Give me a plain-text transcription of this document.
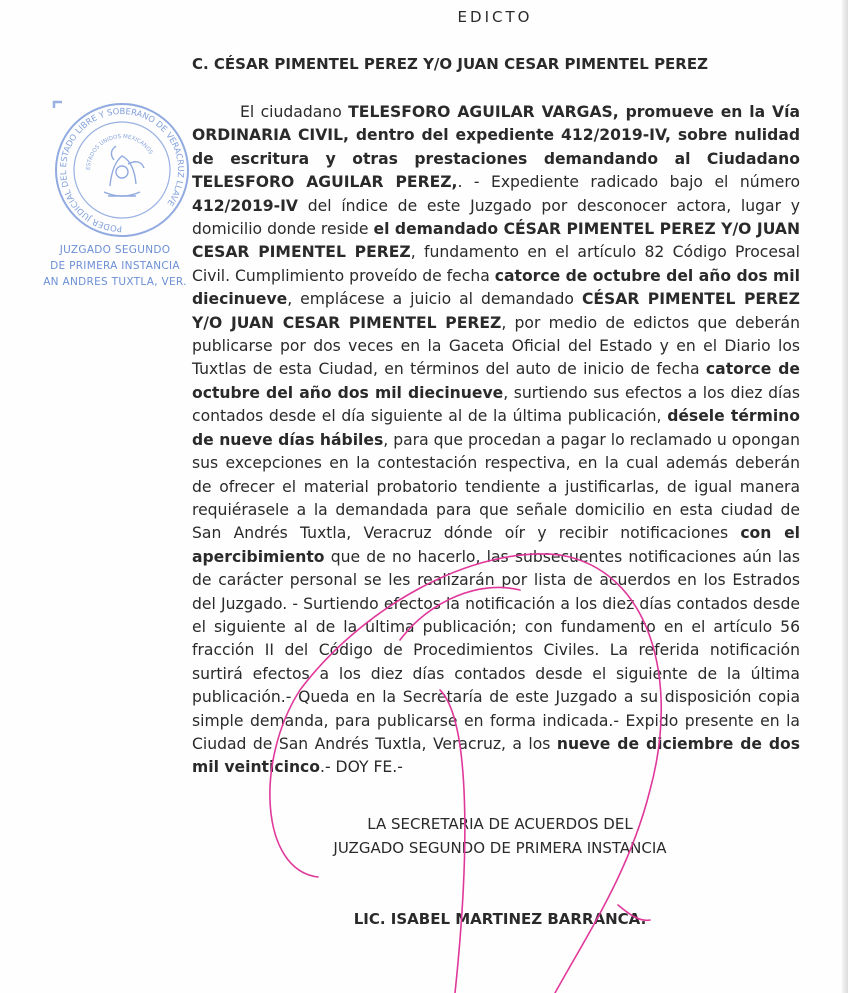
EDICTO
C. CÉSAR PIMENTEL PEREZ Y/O JUAN CESAR PIMENTEL PEREZ
PODER JUDICIAL DEL ESTADO LIBRE Y SOBERANO DE VERACRUZ LLAVE
ESTADOS UNIDOS MEXICANOS
JUZGADO SEGUNDO
DE PRIMERA INSTANCIA
AN ANDRES TUXTLA, VER.

El ciudadano TELESFORO AGUILAR VARGAS, promueve en la Vía ORDINARIA CIVIL, dentro del expediente 412/2019-IV, sobre nulidad de escritura y otras prestaciones demandando al Ciudadano TELESFORO AGUILAR PEREZ,. - Expediente radicado bajo el número 412/2019-IV del índice de este Juzgado por desconocer actora, lugar y domicilio donde reside el demandado CÉSAR PIMENTEL PEREZ Y/O JUAN CESAR PIMENTEL PEREZ, fundamento en el artículo 82 Código Procesal Civil. Cumplimiento proveído de fecha catorce de octubre del año dos mil diecinueve, emplácese a juicio al demandado CÉSAR PIMENTEL PEREZ Y/O JUAN CESAR PIMENTEL PEREZ, por medio de edictos que deberán publicarse por dos veces en la Gaceta Oficial del Estado y en el Diario los Tuxtlas de esta Ciudad, en términos del auto de inicio de fecha catorce de octubre del año dos mil diecinueve, surtiendo sus efectos a los diez días contados desde el día siguiente al de la última publicación, désele término de nueve días hábiles, para que procedan a pagar lo reclamado u opongan sus excepciones en la contestación respectiva, en la cual además deberán de ofrecer el material probatorio tendiente a justificarlas, de igual manera requiérasele a la demandada para que señale domicilio en esta ciudad de San Andrés Tuxtla, Veracruz dónde oír y recibir notificaciones con el apercibimiento que de no hacerlo, las subsecuentes notificaciones aún las de carácter personal se les realizarán por lista de acuerdos en los Estrados del Juzgado. - Surtiendo efectos la notificación a los diez días contados desde el siguiente al de la última publicación; con fundamento en el artículo 56 fracción II del Código de Procedimientos Civiles. La referida notificación surtirá efectos a los diez días contados desde el siguiente de la última publicación.- Queda en la Secretaría de este Juzgado a su disposición copia simple demanda, para publicarse en forma indicada.- Expido presente en la Ciudad de San Andrés Tuxtla, Veracruz, a los nueve de diciembre de dos mil veinticinco.- DOY FE.-

LA SECRETARIA DE ACUERDOS DEL
JUZGADO SEGUNDO DE PRIMERA INSTANCIA
LIC. ISABEL MARTINEZ BARRANCA.
